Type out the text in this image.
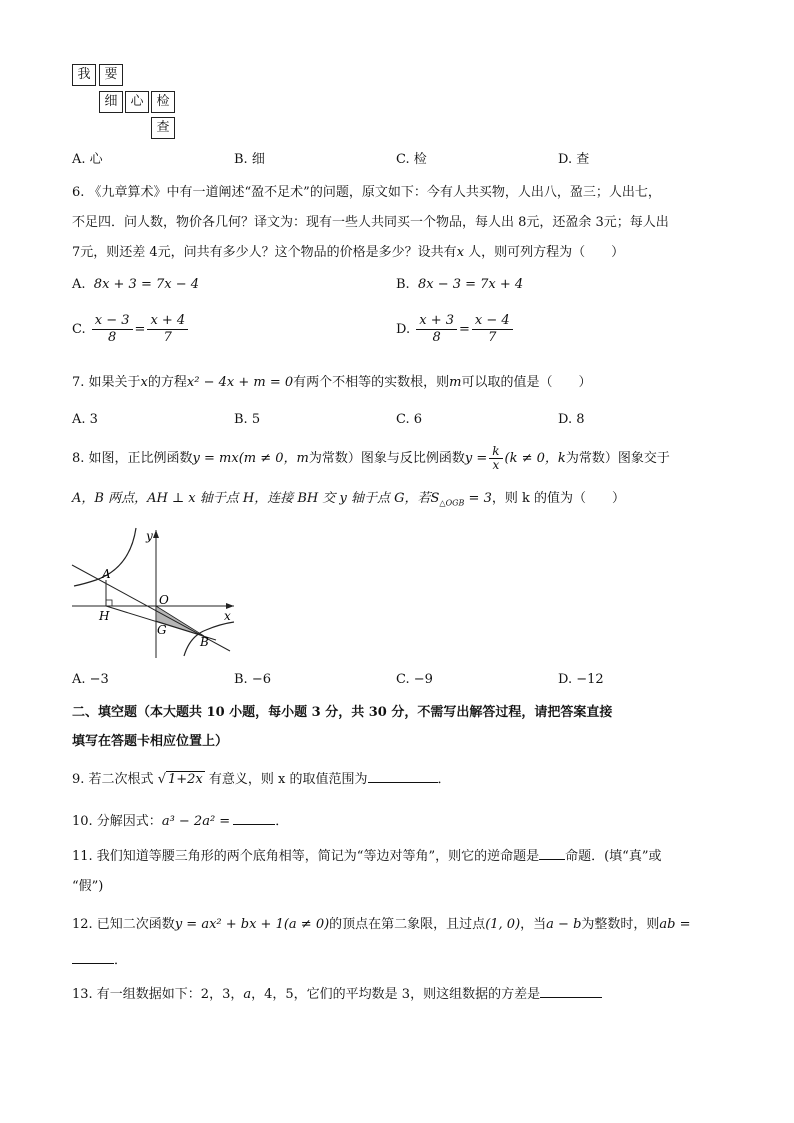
我	要
细 心 检
查
A. 心	B. 细	C. 检	D. 查
6. 《九章算术》中有一道阐述“盈不足术”的问题，原文如下：今有人共买物，人出八，盈三；人出七，
不足四．问人数，物价各几何？译文为：现有一些人共同买一个物品，每人出 8元，还盈余 3元；每人出
7元，则还差 4元，问共有多少人？这个物品的价格是多少？设共有x 人，则可列方程为（　　）
A. 8x + 3 = 7x − 4	B. 8x − 3 = 7x + 4
C. $\frac{x - 3}{8} = \frac{x + 4}{7}$	D. $\frac{x + 3}{8} = \frac{x - 4}{7}$
7. 如果关于x的方程x² − 4x + m = 0有两个不相等的实数根，则m可以取的值是（　　）
A. 3	B. 5	C. 6	D. 8
8. 如图，正比例函数y = mx(m ≠ 0，m为常数）图象与反比例函数$y = \frac{k}{x} (k \ne 0$，k为常数）图象交于
A，B 两点，AH ⊥ x 轴于点 H，连接 BH 交 y 轴于点 G，若$S_{\triangle OGB} = 3$，则 k 的值为（　　）
y
x
A
O
H
G
B
A. −3	B. −6	C. −9	D. −12
二、填空题（本大题共 10 小题，每小题 3 分，共 30 分，不需写出解答过程，请把答案直接
填写在答题卡相应位置上）
9. 若二次根式 √ 1+2x 有意义，则 x 的取值范围为	．
10. 分解因式：a³ − 2a² =	．
11. 我们知道等腰三角形的两个底角相等，简记为“等边对等角”，则它的逆命题是 命题．(填“真”或
“假”)
12. 已知二次函数y = ax² + bx + 1(a ≠ 0)的顶点在第二象限，且过点(1, 0)，当a − b为整数时，则ab =
．
13. 有一组数据如下：2，3，a，4，5，它们的平均数是 3，则这组数据的方差是
